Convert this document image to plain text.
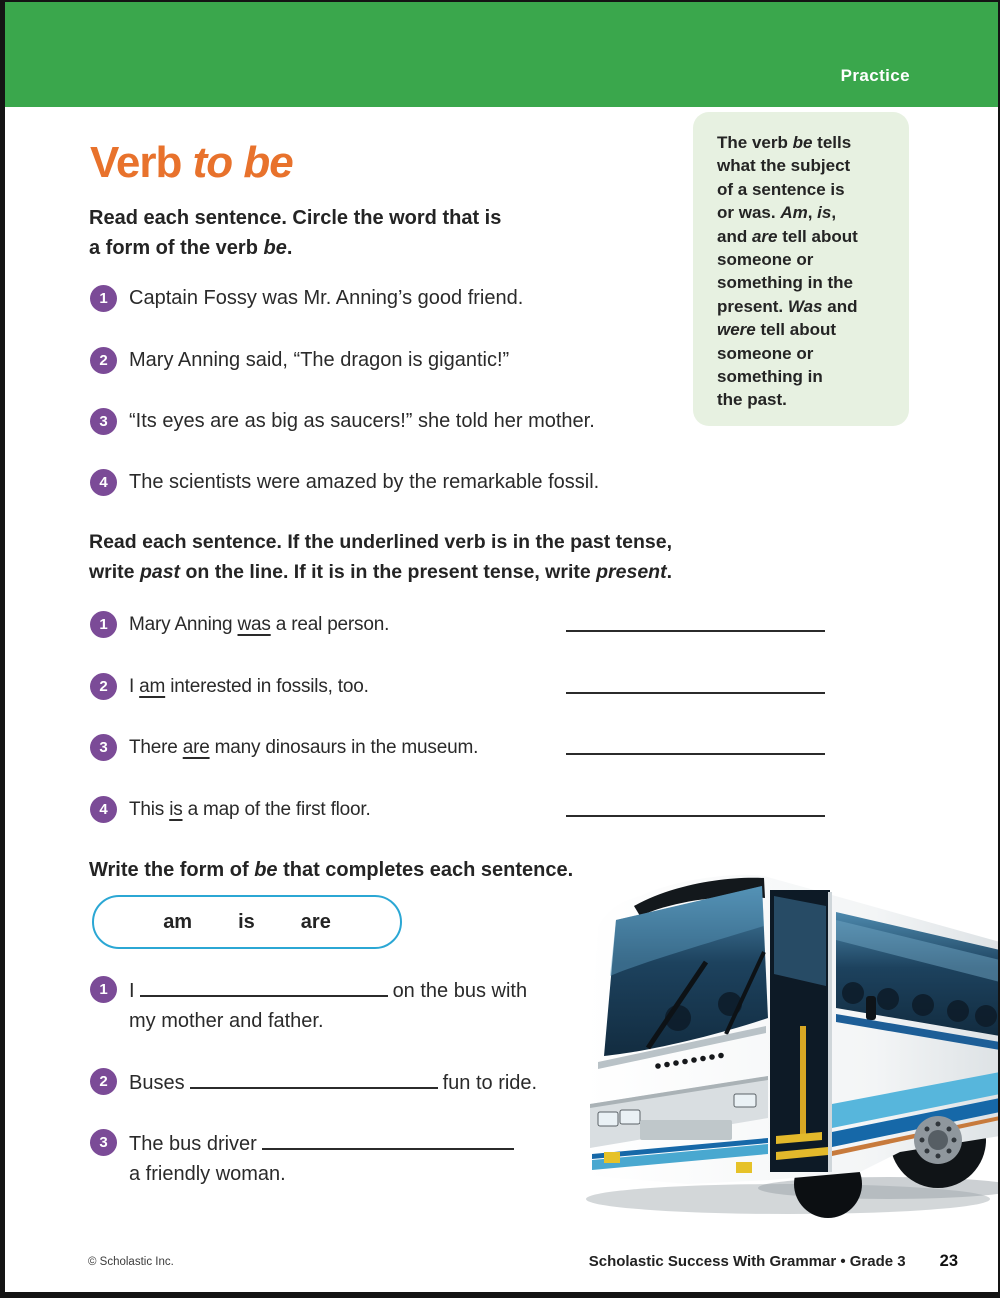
Practice
The verb be tells
what the subject
of a sentence is
or was. Am, is,
and are tell about
someone or
something in the
present. Was and
were tell about
someone or
something in
the past.
Verb to be
Read each sentence. Circle the word that is
a form of the verb be.
1	Captain Fossy was Mr. Anning’s good friend.
2	Mary Anning said, “The dragon is gigantic!”
3	“Its eyes are as big as saucers!” she told her mother.
4	The scientists were amazed by the remarkable fossil.
Read each sentence. If the underlined verb is in the past tense,
write past on the line. If it is in the present tense, write present.
1	Mary Anning was a real person.
2	I am interested in fossils, too.
3	There are many dinosaurs in the museum.
4	This is a map of the first floor.
Write the form of be that completes each sentence.
am is are
1	I	on the bus with
my mother and father.
2	Buses	fun to ride.
3	The bus driver
a friendly woman.
© Scholastic Inc.	Scholastic Success With Grammar • Grade 3 23
